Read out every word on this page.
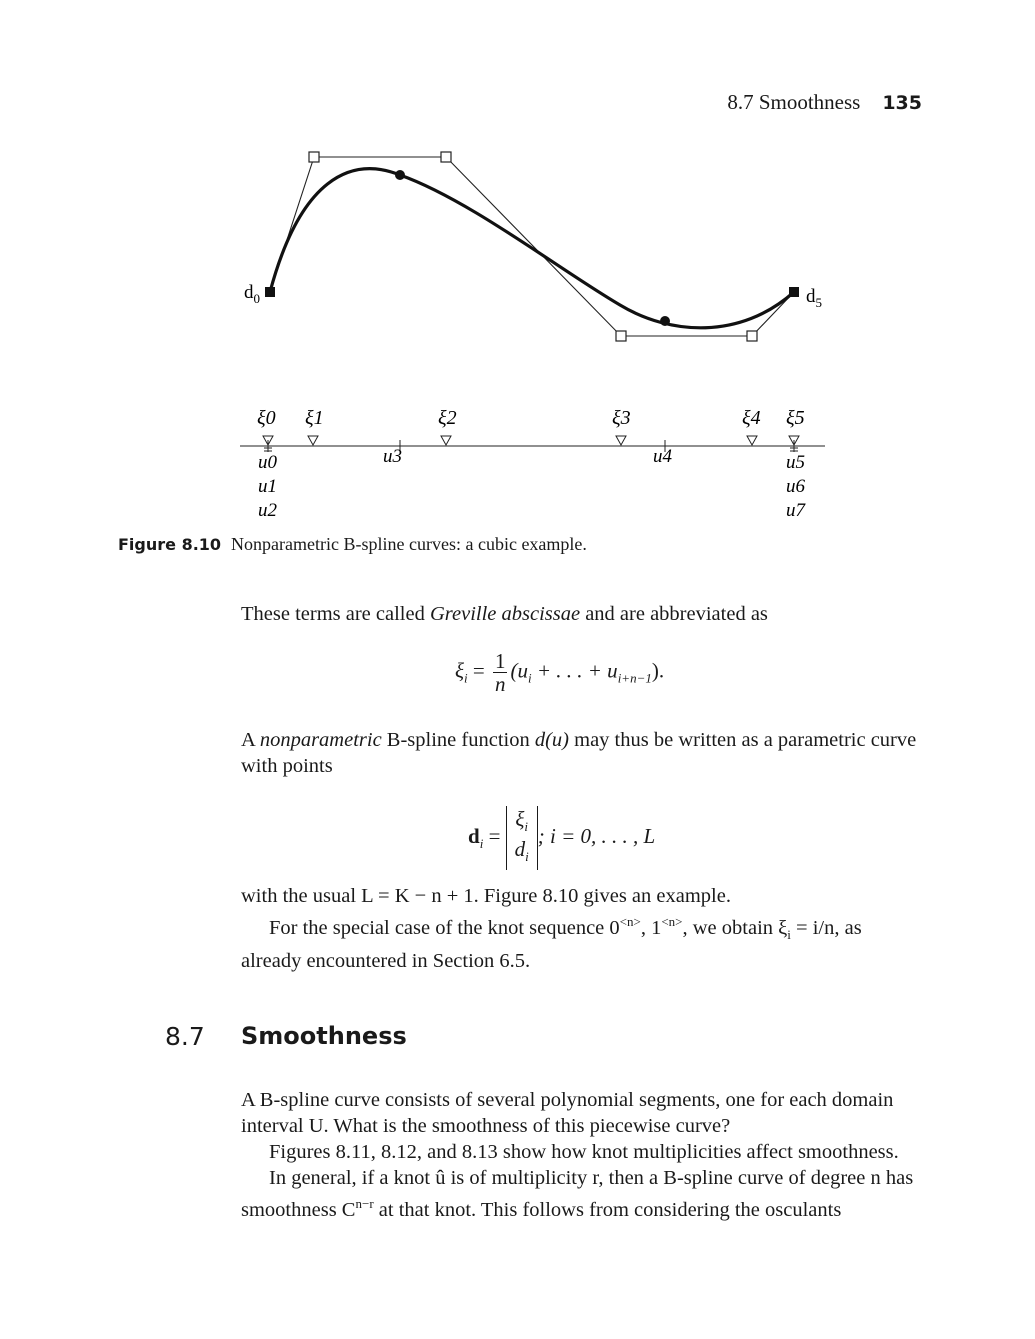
8.7 Smoothness 135
$d_0$	$d_5$
ξ0 ξ1	ξ2	ξ3	ξ4 ξ5
u0
u1
u2
u3	u4	u5
u6
u7
Figure 8.10 Nonparametric B-spline curves: a cubic example.

These terms are called Greville abscissae and are abbreviated as

$\xi_i = \frac{1}{n} (u_i$ + . . . + $u_{i+n-1}$).

A nonparametric B-spline function d(u) may thus be written as a parametric curve with points

$d_i$ =
$\xi_i$
$d_i$
; i = 0, . . . , L

with the usual L = K − n + 1. Figure 8.10 gives an example.

For the special case of the knot sequence $0^{<n>}$, $1^{<n>}$, we obtain $\xi_i = i/n$, as already encountered in Section 6.5.

8.7 Smoothness

A B-spline curve consists of several polynomial segments, one for each domain interval U. What is the smoothness of this piecewise curve?

Figures 8.11, 8.12, and 8.13 show how knot multiplicities affect smoothness.

In general, if a knot û is of multiplicity r, then a B-spline curve of degree n has smoothness $C^{n-r}$ at that knot. This follows from considering the osculants
